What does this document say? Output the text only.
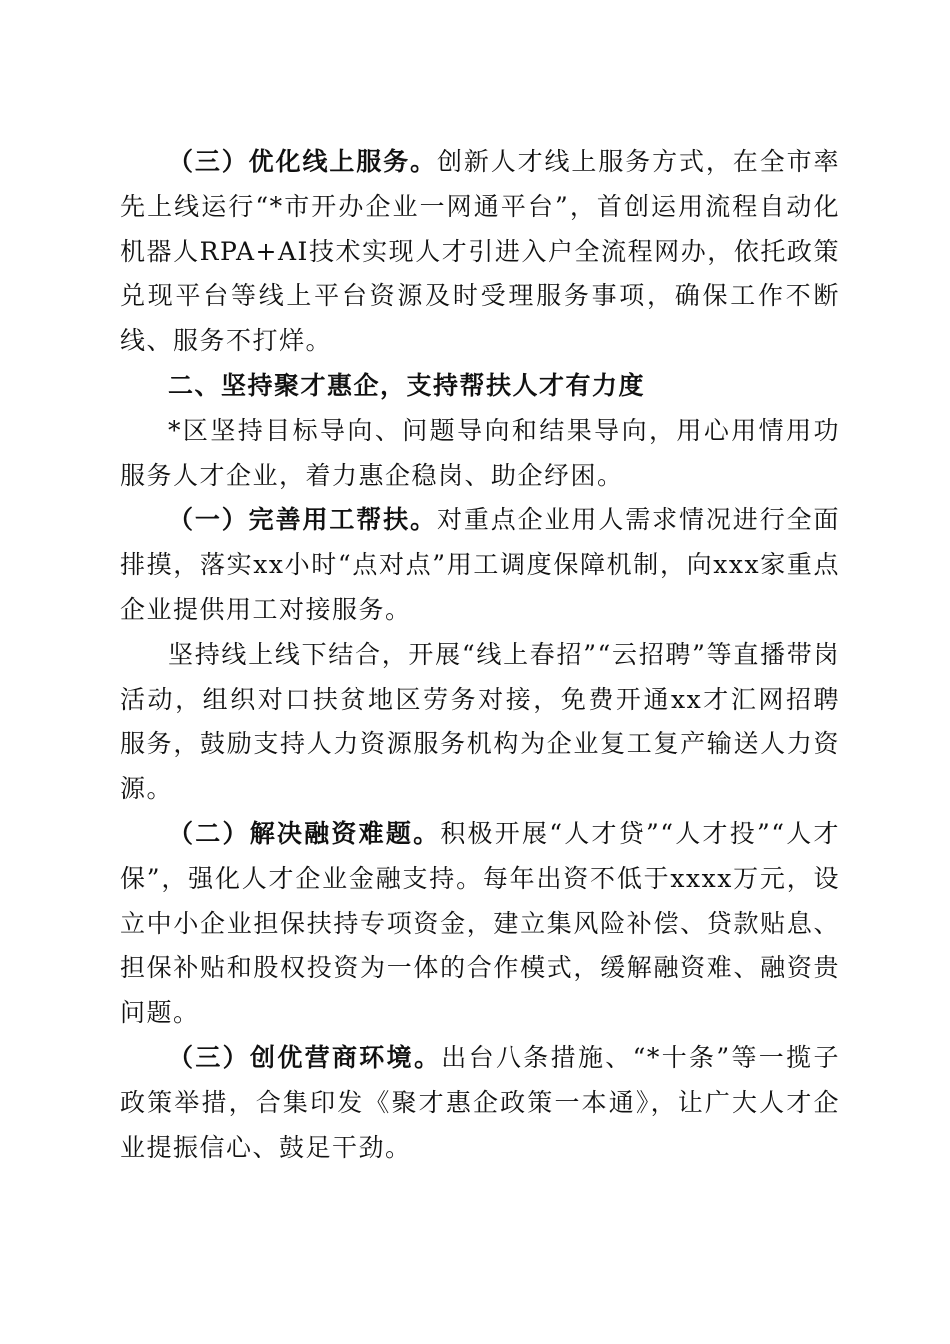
（三）优化线上服务。创新人才线上服务方式，在全市率先上线运行“*市开办企业一网通平台”，首创运用流程自动化机器人RPA+AI技术实现人才引进入户全流程网办，依托政策兑现平台等线上平台资源及时受理服务事项，确保工作不断线、服务不打烊。

二、坚持聚才惠企，支持帮扶人才有力度

*区坚持目标导向、问题导向和结果导向，用心用情用功服务人才企业，着力惠企稳岗、助企纾困。

（一）完善用工帮扶。对重点企业用人需求情况进行全面排摸，落实xx小时“点对点”用工调度保障机制，向xxx家重点企业提供用工对接服务。

坚持线上线下结合，开展“线上春招”“云招聘”等直播带岗活动，组织对口扶贫地区劳务对接，免费开通xx才汇网招聘服务，鼓励支持人力资源服务机构为企业复工复产输送人力资源。

（二）解决融资难题。积极开展“人才贷”“人才投”“人才保”，强化人才企业金融支持。每年出资不低于xxxx万元，设立中小企业担保扶持专项资金，建立集风险补偿、贷款贴息、担保补贴和股权投资为一体的合作模式，缓解融资难、融资贵问题。

（三）创优营商环境。出台八条措施、“*十条”等一揽子政策举措，合集印发《聚才惠企政策一本通》，让广大人才企业提振信心、鼓足干劲。
